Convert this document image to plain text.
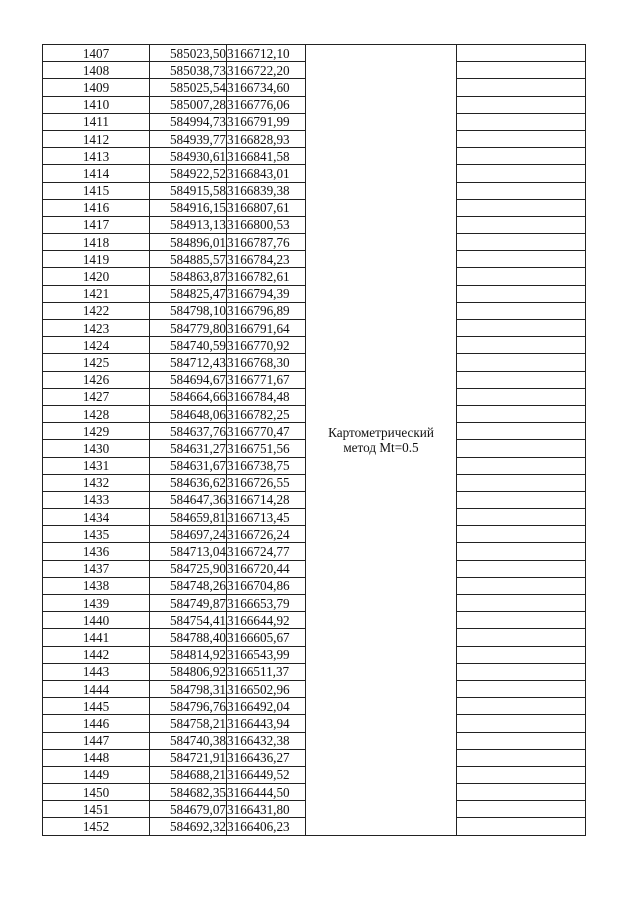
1407	585023,50	3166712,10	Картометрический
метод Mt=0.5	

1408	585038,73	3166722,20		
1409	585025,54	3166734,60		
1410	585007,28	3166776,06		
1411	584994,73	3166791,99		
1412	584939,77	3166828,93		
1413	584930,61	3166841,58		
1414	584922,52	3166843,01		
1415	584915,58	3166839,38		
1416	584916,15	3166807,61		
1417	584913,13	3166800,53		
1418	584896,01	3166787,76		
1419	584885,57	3166784,23		
1420	584863,87	3166782,61		
1421	584825,47	3166794,39		
1422	584798,10	3166796,89		
1423	584779,80	3166791,64		
1424	584740,59	3166770,92		
1425	584712,43	3166768,30		
1426	584694,67	3166771,67		
1427	584664,66	3166784,48		
1428	584648,06	3166782,25		
1429	584637,76	3166770,47		
1430	584631,27	3166751,56		
1431	584631,67	3166738,75		
1432	584636,62	3166726,55		
1433	584647,36	3166714,28		
1434	584659,81	3166713,45		
1435	584697,24	3166726,24		
1436	584713,04	3166724,77		
1437	584725,90	3166720,44		
1438	584748,26	3166704,86		
1439	584749,87	3166653,79		
1440	584754,41	3166644,92		
1441	584788,40	3166605,67		
1442	584814,92	3166543,99		
1443	584806,92	3166511,37		
1444	584798,31	3166502,96		
1445	584796,76	3166492,04		
1446	584758,21	3166443,94		
1447	584740,38	3166432,38		
1448	584721,91	3166436,27		
1449	584688,21	3166449,52		
1450	584682,35	3166444,50		
1451	584679,07	3166431,80		
1452	584692,32	3166406,23		
